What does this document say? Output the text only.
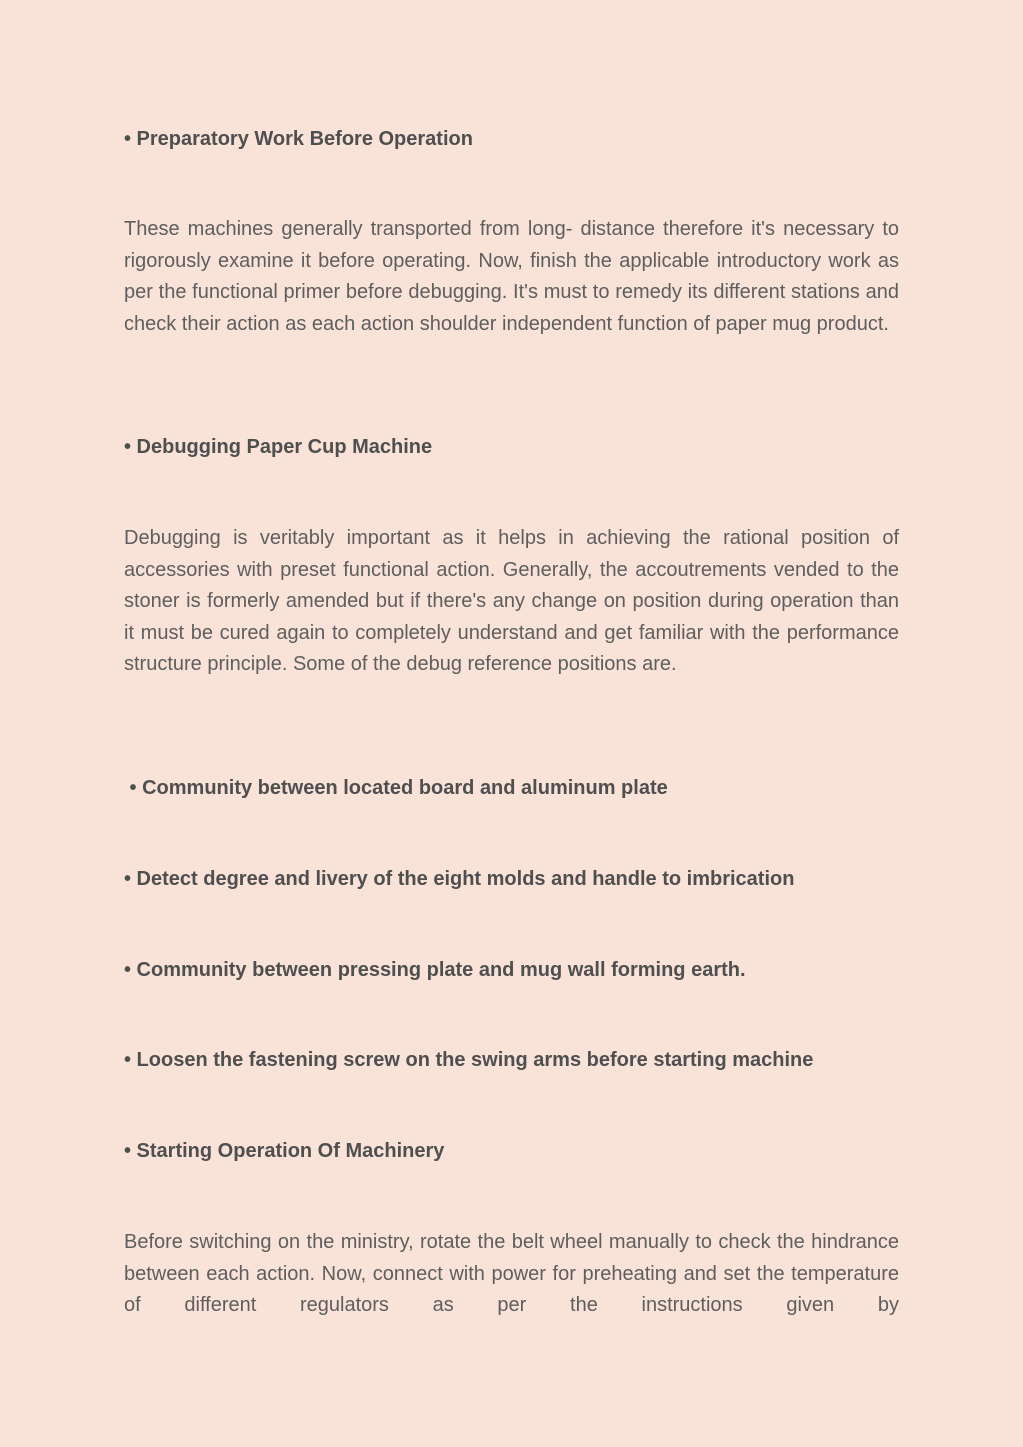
• Preparatory Work Before Operation
These machines generally transported from long- distance therefore it's necessary to rigorously examine it before operating. Now, finish the applicable introductory work as per the functional primer before debugging. It's must to remedy its different stations and check their action as each action shoulder independent function of paper mug product.
• Debugging Paper Cup Machine
Debugging is veritably important as it helps in achieving the rational position of accessories with preset functional action. Generally, the accoutrements vended to the stoner is formerly amended but if there's any change on position during operation than it must be cured again to completely understand and get familiar with the performance structure principle. Some of the debug reference positions are.
• Community between located board and aluminum plate
• Detect degree and livery of the eight molds and handle to imbrication
• Community between pressing plate and mug wall forming earth.
• Loosen the fastening screw on the swing arms before starting machine
• Starting Operation Of Machinery
Before switching on the ministry, rotate the belt wheel manually to check the hindrance between each action. Now, connect with power for preheating and set the temperature of different regulators as per the instructions given by
